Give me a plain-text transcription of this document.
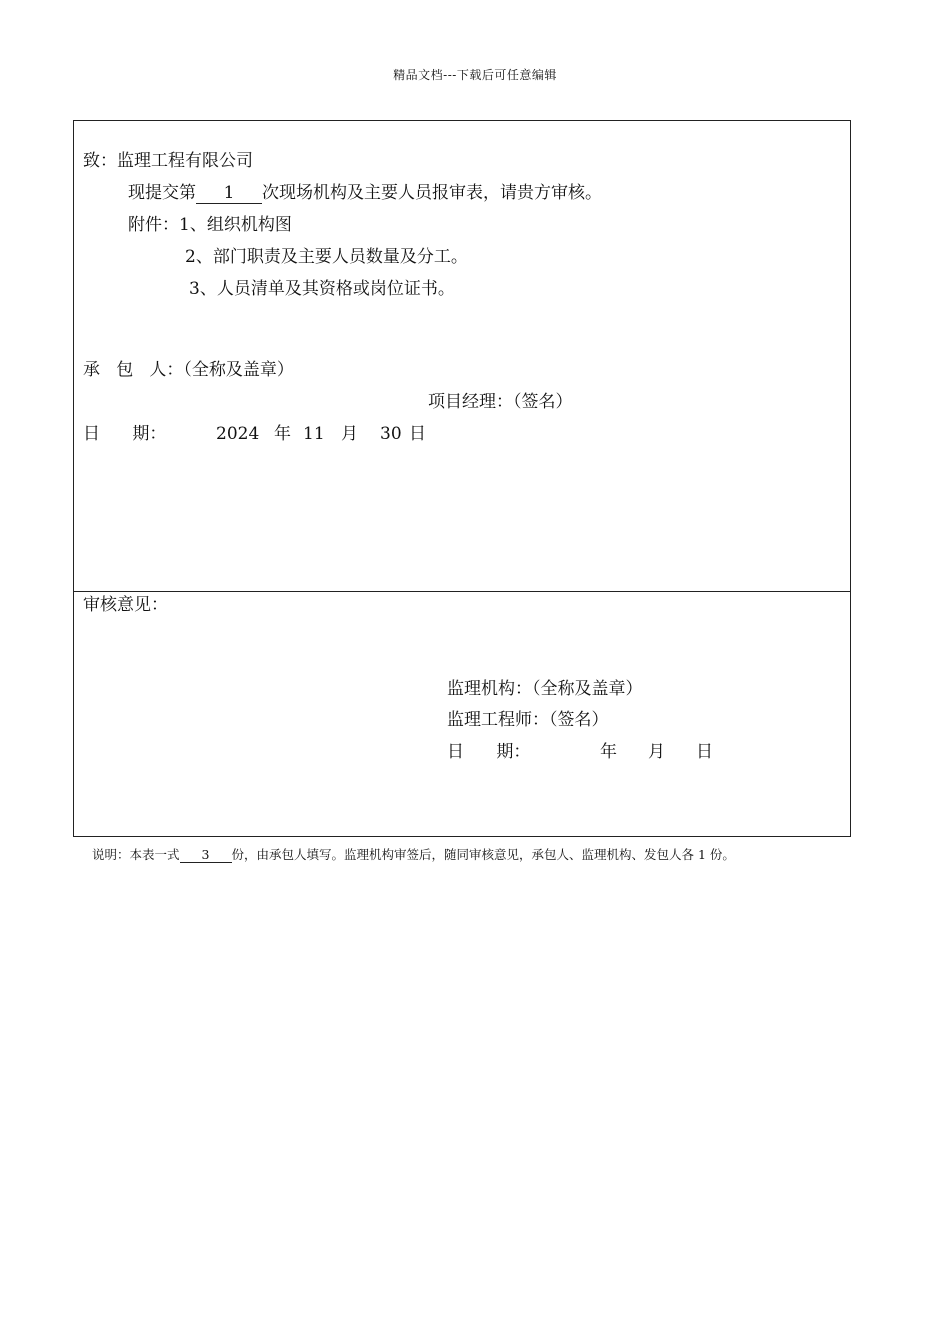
精品文档---下载后可任意编辑
致：监理工程有限公司
现提交第 1 次现场机构及主要人员报审表，请贵方审核。
附件：1、组织机构图
2、部门职责及主要人员数量及分工。
3、人员清单及其资格或岗位证书。
承   包   人：（全称及盖章）
项目经理：（签名）
日      期：	2024 年 11 月 30 日
审核意见：
监理机构：（全称及盖章）
监理工程师：（签名）
日      期：	年 月 日
说明：本表一式 3 份，由承包人填写。监理机构审签后，随同审核意见，承包人、监理机构、发包人各 1 份。
